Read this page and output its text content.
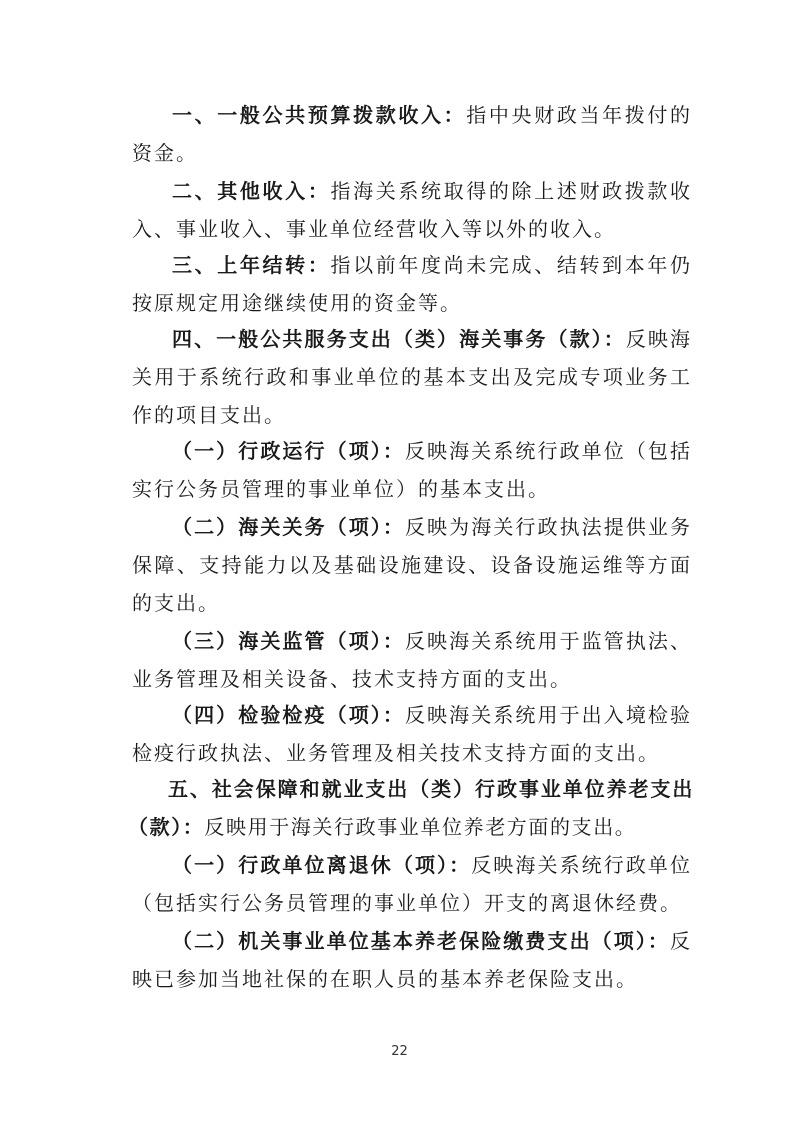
一、一般公共预算拨款收入：指中央财政当年拨付的资金。

二、其他收入：指海关系统取得的除上述财政拨款收入、事业收入、事业单位经营收入等以外的收入。

三、上年结转：指以前年度尚未完成、结转到本年仍按原规定用途继续使用的资金等。

四、一般公共服务支出（类）海关事务（款）：反映海关用于系统行政和事业单位的基本支出及完成专项业务工作的项目支出。

（一）行政运行（项）：反映海关系统行政单位（包括实行公务员管理的事业单位）的基本支出。

（二）海关关务（项）：反映为海关行政执法提供业务保障、支持能力以及基础设施建设、设备设施运维等方面的支出。

（三）海关监管（项）：反映海关系统用于监管执法、业务管理及相关设备、技术支持方面的支出。

（四）检验检疫（项）：反映海关系统用于出入境检验检疫行政执法、业务管理及相关技术支持方面的支出。

五、社会保障和就业支出（类）行政事业单位养老支出（款）：反映用于海关行政事业单位养老方面的支出。

（一）行政单位离退休（项）：反映海关系统行政单位（包括实行公务员管理的事业单位）开支的离退休经费。

（二）机关事业单位基本养老保险缴费支出（项）：反映已参加当地社保的在职人员的基本养老保险支出。

22
